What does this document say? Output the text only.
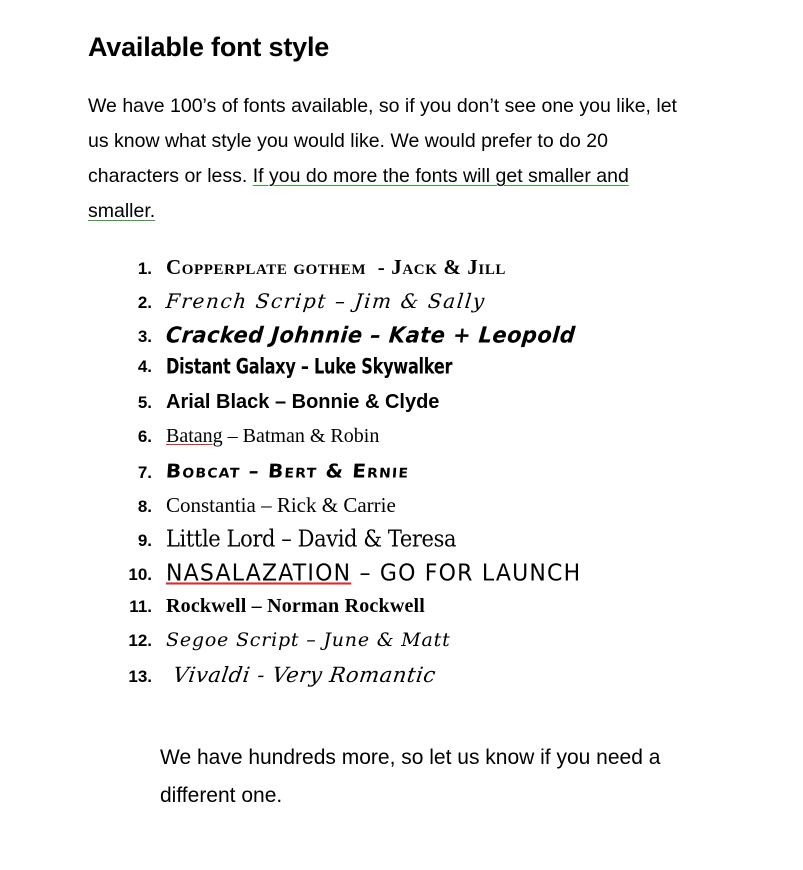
Available font style

We have 100’s of fonts available, so if you don’t see one you like, let us know what style you would like. We would prefer to do 20 characters or less. If you do more the fonts will get smaller and smaller.

1. Copperplate gothem  - Jack & Jill
2. French Script – Jim & Sally
3. Cracked Johnnie – Kate + Leopold
4. Distant Galaxy – Luke Skywalker
5. Arial Black – Bonnie & Clyde
6. Batang – Batman & Robin
7. Bobcat – Bert & Ernie
8. Constantia – Rick & Carrie
9. Little Lord – David & Teresa
10. NASALAZATION – GO FOR LAUNCH
11. Rockwell – Norman Rockwell
12. Segoe Script – June & Matt
13. Vivaldi - Very Romantic

We have hundreds more, so let us know if you need a different one.
